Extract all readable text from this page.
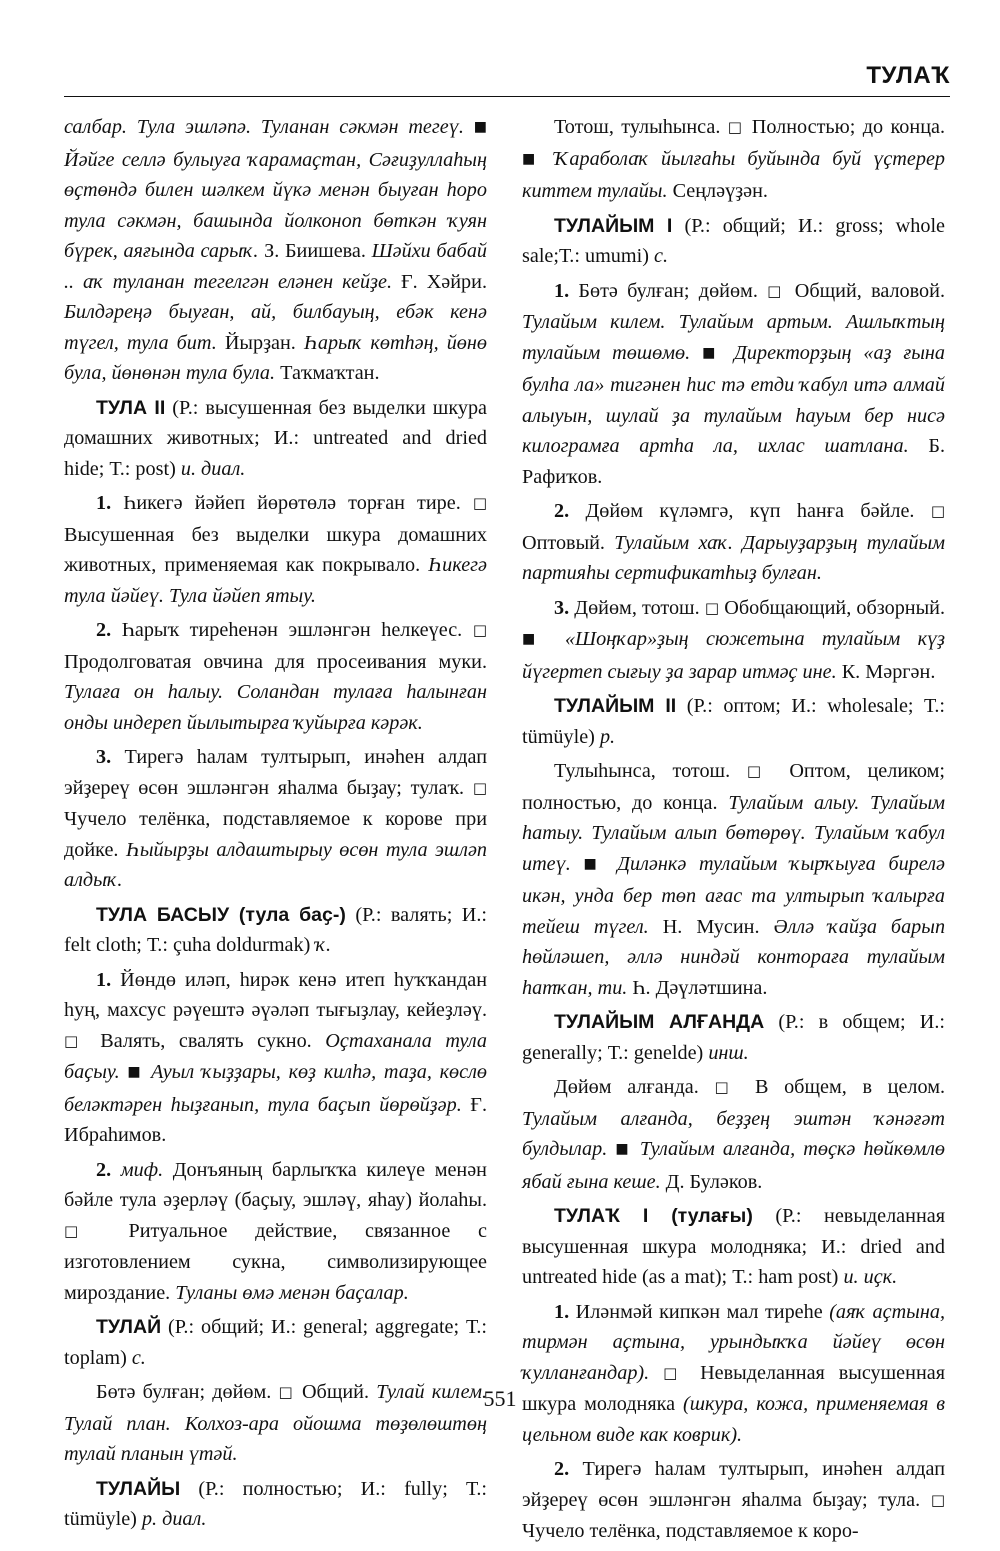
ТУЛАҠ

салбар. Тула эшләпә. Туланан сәкмән тегеү. ■ Йәйге селлә булыуға ҡарамаҫтан, Сәғиҙуллаһың өҫтөндә билен шәлкем йүкә менән быуған һоро тула сәкмән, башында йолконоп бөткән ҡуян бүрек, аяғында сарыҡ. З. Биишева. Шәйхи бабай .. аҡ туланан тегелгән еләнен кейҙе. Ғ. Хәйри. Билдәреңә быуған, ай, билбауың, ебәк кенә түгел, тула бит. Йырҙан. Һарыҡ көтһәң, йөнө була, йөнөнән тула була. Таҡмаҡтан.

ТУЛА II (Р.: высушенная без выделки шкура домашних животных; И.: untreated and dried hide; Т.: post) и. диал.

1. Һикегә йәйеп йөрөтөлә торған тире. □ Высушенная без выделки шкура домашних животных, применяемая как покрывало. Һикегә тула йәйеү. Тула йәйеп ятыу.

2. Һарыҡ тиреһенән эшләнгән һелкеүес. □ Продолговатая овчина для просеивания муки. Тулаға он һалыу. Соландан тулаға һалынған онды индереп йылытырға ҡуйырға кәрәк.

3. Тирегә һалам тултырып, инәһен алдап эйҙереү өсөн эшләнгән яһалма быҙау; тулаҡ. □ Чучело телёнка, подставляемое к корове при дойке. Һыйырҙы алдаштырыу өсөн тула эшләп алдыҡ.

ТУЛА БАСЫУ (тула баҫ-) (Р.: валять; И.: felt cloth; Т.: çuha doldurmak) ҡ.

1. Йөндө иләп, һирәк кенә итеп һуҡҡандан һуң, махсус рәүештә әүәләп тығыҙлау, кейеҙләү. □ Валять, свалять сукно. Оҫтаханала тула баҫыу. ■ Ауыл ҡыҙҙары, көҙ килһә, таҙа, көслө беләктәрен һыҙғанып, тула баҫып йөрөйҙәр. Ғ. Ибраһимов.

2. миф. Донъяның барлыҡҡа килеүе менән бәйле тула әҙерләү (баҫыу, эшләү, яһау) йолаһы. □ Ритуальное действие, связанное с изготовлением сукна, символизирующее мироздание. Туланы өмә менән баҫалар.

ТУЛАЙ (Р.: общий; И.: general; aggregate; Т.: toplam) с.

Бөтә булған; дөйөм. □ Общий. Тулай килем. Тулай план. Колхоз-ара ойошма төҙөлөштөң тулай планын үтәй.

ТУЛАЙЫ (Р.: полностью; И.: fully; Т.: tümüyle) р. диал.

Тотош, тулыһынса. □ Полностью; до конца. ■ Ҡараболаҡ йылғаһы буйында буй үҫтерер киттем тулайы. Сеңләүҙән.

ТУЛАЙЫМ I (Р.: общий; И.: gross; whole sale;Т.: umumi) с.

1. Бөтә булған; дөйөм. □ Общий, валовой. Тулайым килем. Тулайым артым. Ашлыҡтың тулайым төшөмө. ■ Директорҙың «аҙ ғына булһа ла» тигәнен һис тә етди ҡабул итә алмай алыуын, шулай ҙа тулайым һауым бер нисә килограмға артһа ла, ихлас шатлана. Б. Рафиҡов.

2. Дөйөм күләмгә, күп һанға бәйле. □ Оптовый. Тулайым хаҡ. Дарыуҙарҙың тулайым партияһы сертификатһыҙ булған.

3. Дөйөм, тотош. □ Обобщающий, обзорный. ■ «Шоңҡар»ҙың сюжетына тулайым күҙ йүгертеп сығыу ҙа зарар итмәҫ ине. К. Мәргән.

ТУЛАЙЫМ II (Р.: оптом; И.: wholesale; Т.: tümüyle) р.

Тулыһынса, тотош. □ Оптом, целиком; полностью, до конца. Тулайым алыу. Тулайым һатыу. Тулайым алып бөтөрөү. Тулайым ҡабул итеү. ■ Диләнкә тулайым ҡырҡыуға бирелә икән, унда бер төп ағас та ултырып ҡалырға тейеш түгел. Н. Мусин. Әллә ҡайҙа барып һөйләшеп, әллә ниндәй контораға тулайым һатҡан, ти. Һ. Дәүләтшина.

ТУЛАЙЫМ АЛҒАНДА (Р.: в общем; И.: generally; Т.: genelde) инш.

Дөйөм алғанда. □ В общем, в целом. Тулайым алғанда, беҙҙең эштән ҡәнәғәт булдылар. ■ Тулайым алғанда, төҫкә һөйкөмлө ябай ғына кеше. Д. Буләков.

ТУЛАҠ I (тулағы) (Р.: невыделанная высушенная шкура молодняка; И.: dried and untreated hide (as a mat); Т.: ham post) и. иҫк.

1. Иләнмәй кипкән мал тиреһе (аяҡ аҫтына, тирмән аҫтына, урындыҡҡа йәйеү өсөн ҡулланғандар). □ Невыделанная высушенная шкура молодняка (шкура, кожа, применяемая в цельном виде как коврик).

2. Тирегә һалам тултырып, инәһен алдап эйҙереү өсөн эшләнгән яһалма быҙау; тула. □ Чучело телёнка, подставляемое к коро-

551
